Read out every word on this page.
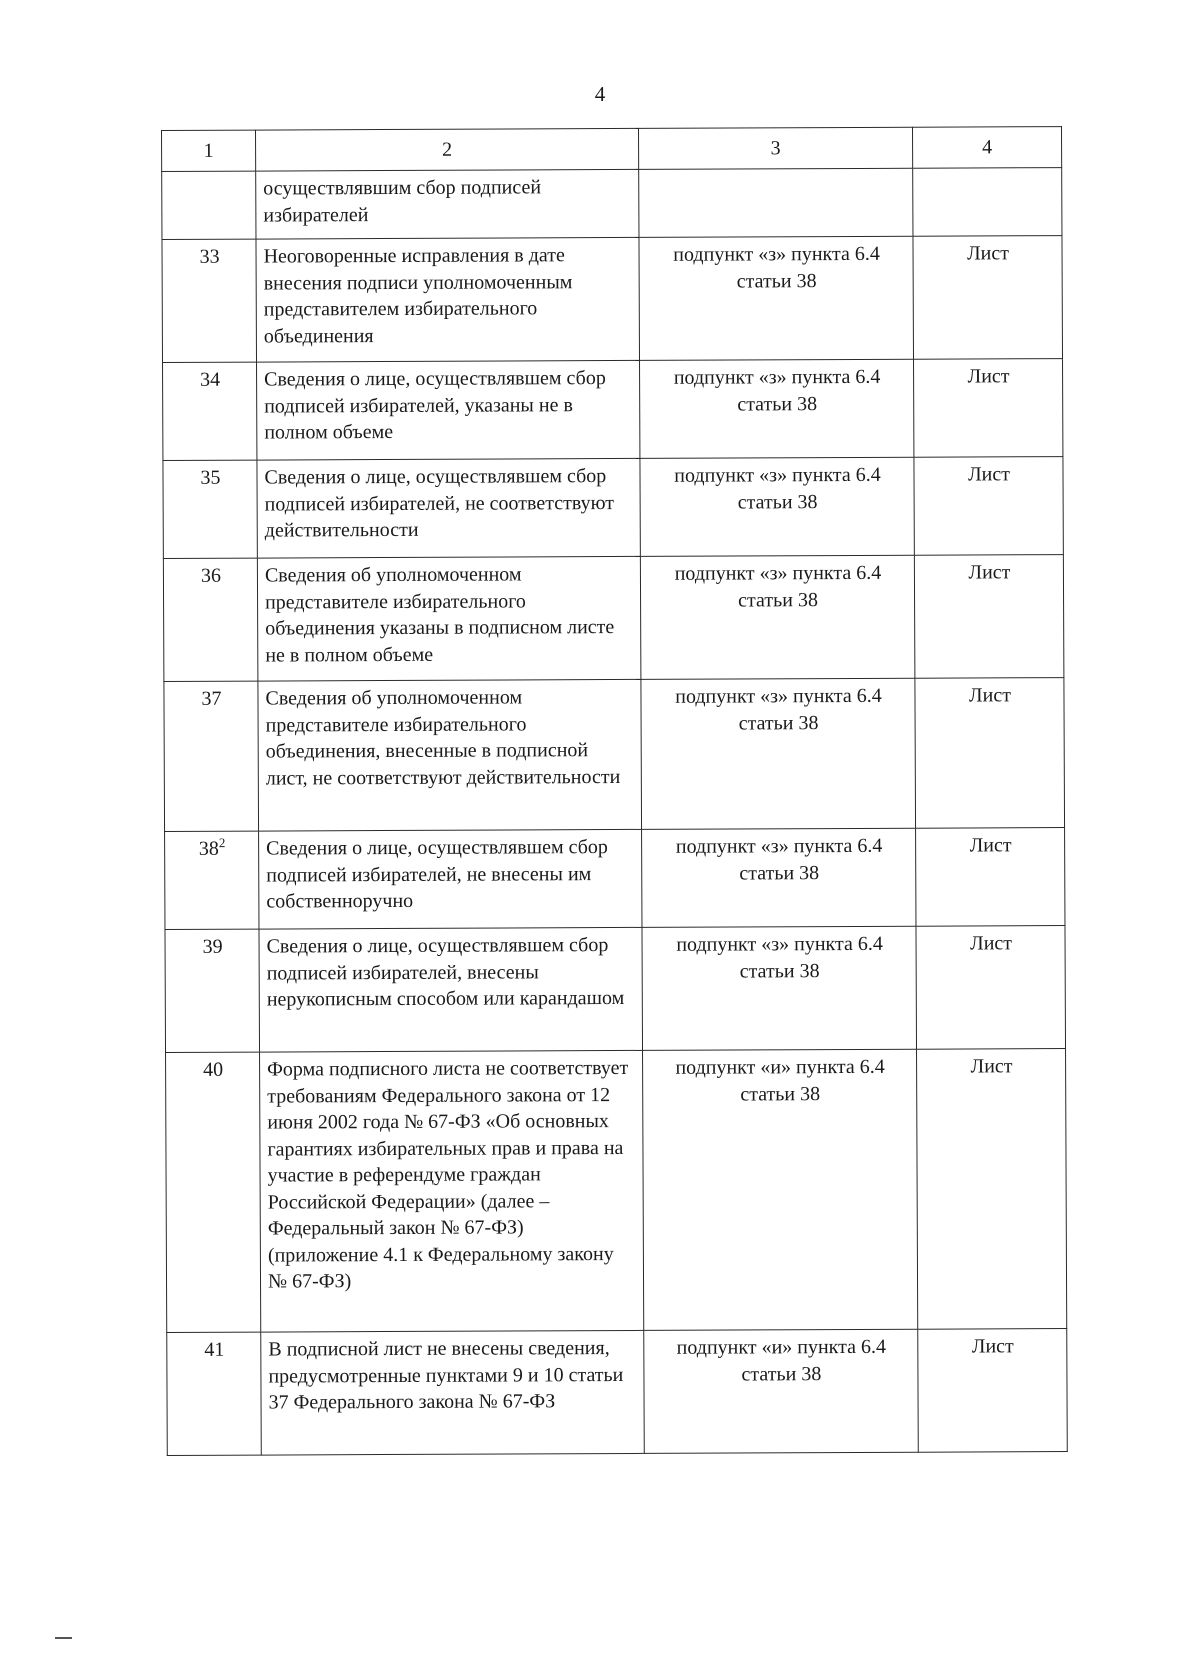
4
1	2	3	4
	осуществлявшим сбор подписей избирателей		
33	Неоговоренные исправления в дате внесения подписи уполномоченным представителем избирательного объединения	подпункт «з» пункта 6.4 статьи 38	Лист
34	Сведения о лице, осуществлявшем сбор подписей избирателей, указаны не в полном объеме	подпункт «з» пункта 6.4 статьи 38	Лист
35	Сведения о лице, осуществлявшем сбор подписей избирателей, не соответствуют действительности	подпункт «з» пункта 6.4 статьи 38	Лист
36	Сведения об уполномоченном представителе избирательного объединения указаны в подписном листе не в полном объеме	подпункт «з» пункта 6.4 статьи 38	Лист
37	Сведения об уполномоченном представителе избирательного объединения, внесенные в подписной лист, не соответствуют действительности	подпункт «з» пункта 6.4 статьи 38	Лист
$38^2$	Сведения о лице, осуществлявшем сбор подписей избирателей, не внесены им собственноручно	подпункт «з» пункта 6.4 статьи 38	Лист
39	Сведения о лице, осуществлявшем сбор подписей избирателей, внесены нерукописным способом или карандашом	подпункт «з» пункта 6.4 статьи 38	Лист
40	Форма подписного листа не соответствует требованиям Федерального закона от 12 июня 2002 года № 67-ФЗ «Об основных гарантиях избирательных прав и права на участие в референдуме граждан Российской Федерации» (далее – Федеральный закон № 67-ФЗ) (приложение 4.1 к Федеральному закону № 67-ФЗ)	подпункт «и» пункта 6.4 статьи 38	Лист
41	В подписной лист не внесены сведения, предусмотренные пунктами 9 и 10 статьи 37 Федерального закона № 67-ФЗ	подпункт «и» пункта 6.4 статьи 38	Лист
